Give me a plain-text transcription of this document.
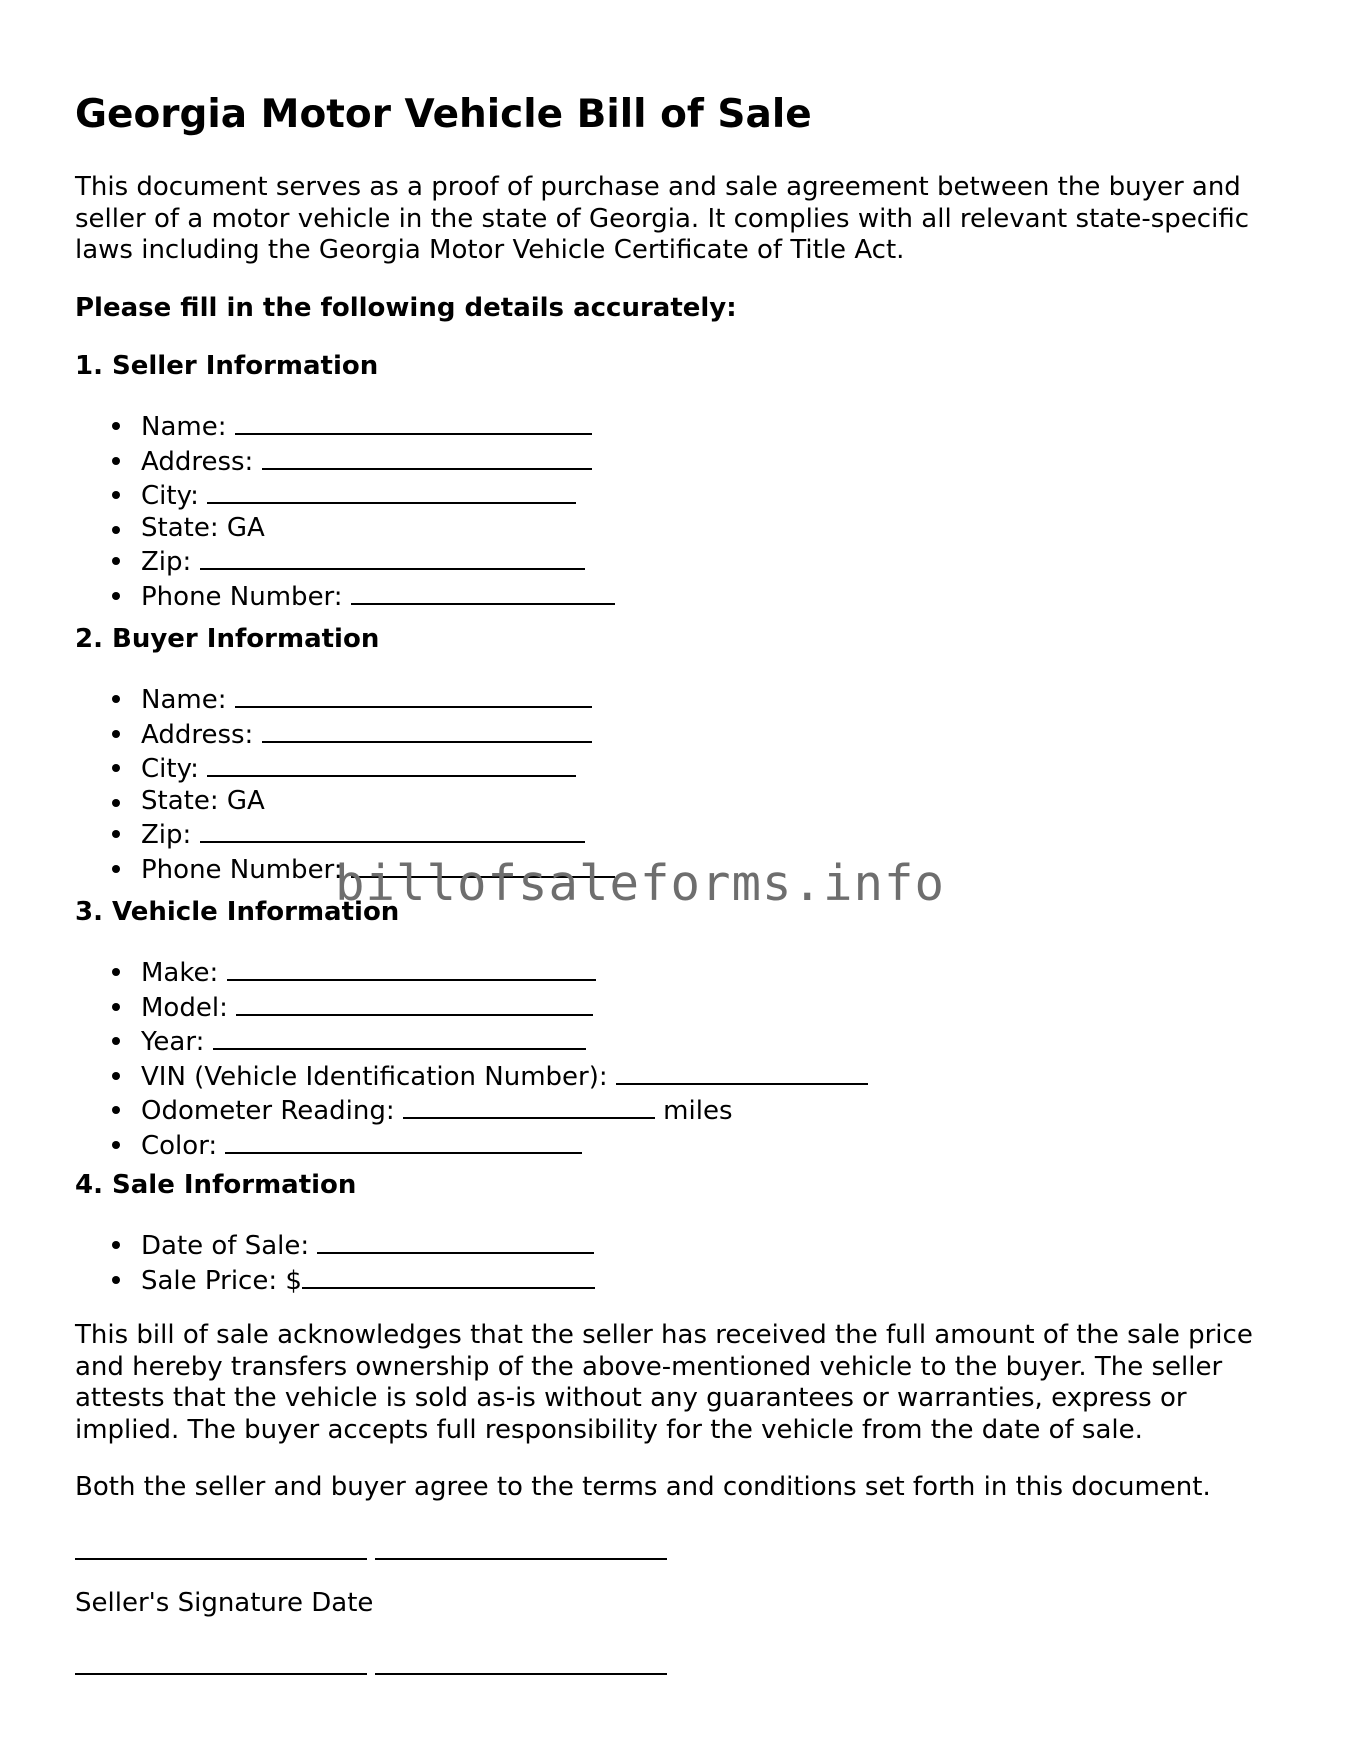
Georgia Motor Vehicle Bill of Sale

This document serves as a proof of purchase and sale agreement between the buyer and seller of a motor vehicle in the state of Georgia. It complies with all relevant state-specific laws including the Georgia Motor Vehicle Certificate of Title Act.

Please fill in the following details accurately:

1. Seller Information

Name:
Address:
City:
State: GA
Zip:
Phone Number:

2. Buyer Information

Name:
Address:
City:
State: GA
Zip:
Phone Number:

3. Vehicle Information

Make:
Model:
Year:
VIN (Vehicle Identification Number):
Odometer Reading:	miles
Color:

4. Sale Information

Date of Sale:
Sale Price: $

This bill of sale acknowledges that the seller has received the full amount of the sale price and hereby transfers ownership of the above-mentioned vehicle to the buyer. The seller attests that the vehicle is sold as-is without any guarantees or warranties, express or implied. The buyer accepts full responsibility for the vehicle from the date of sale.

Both the seller and buyer agree to the terms and conditions set forth in this document.

Seller's Signature Date

billofsaleforms.info
